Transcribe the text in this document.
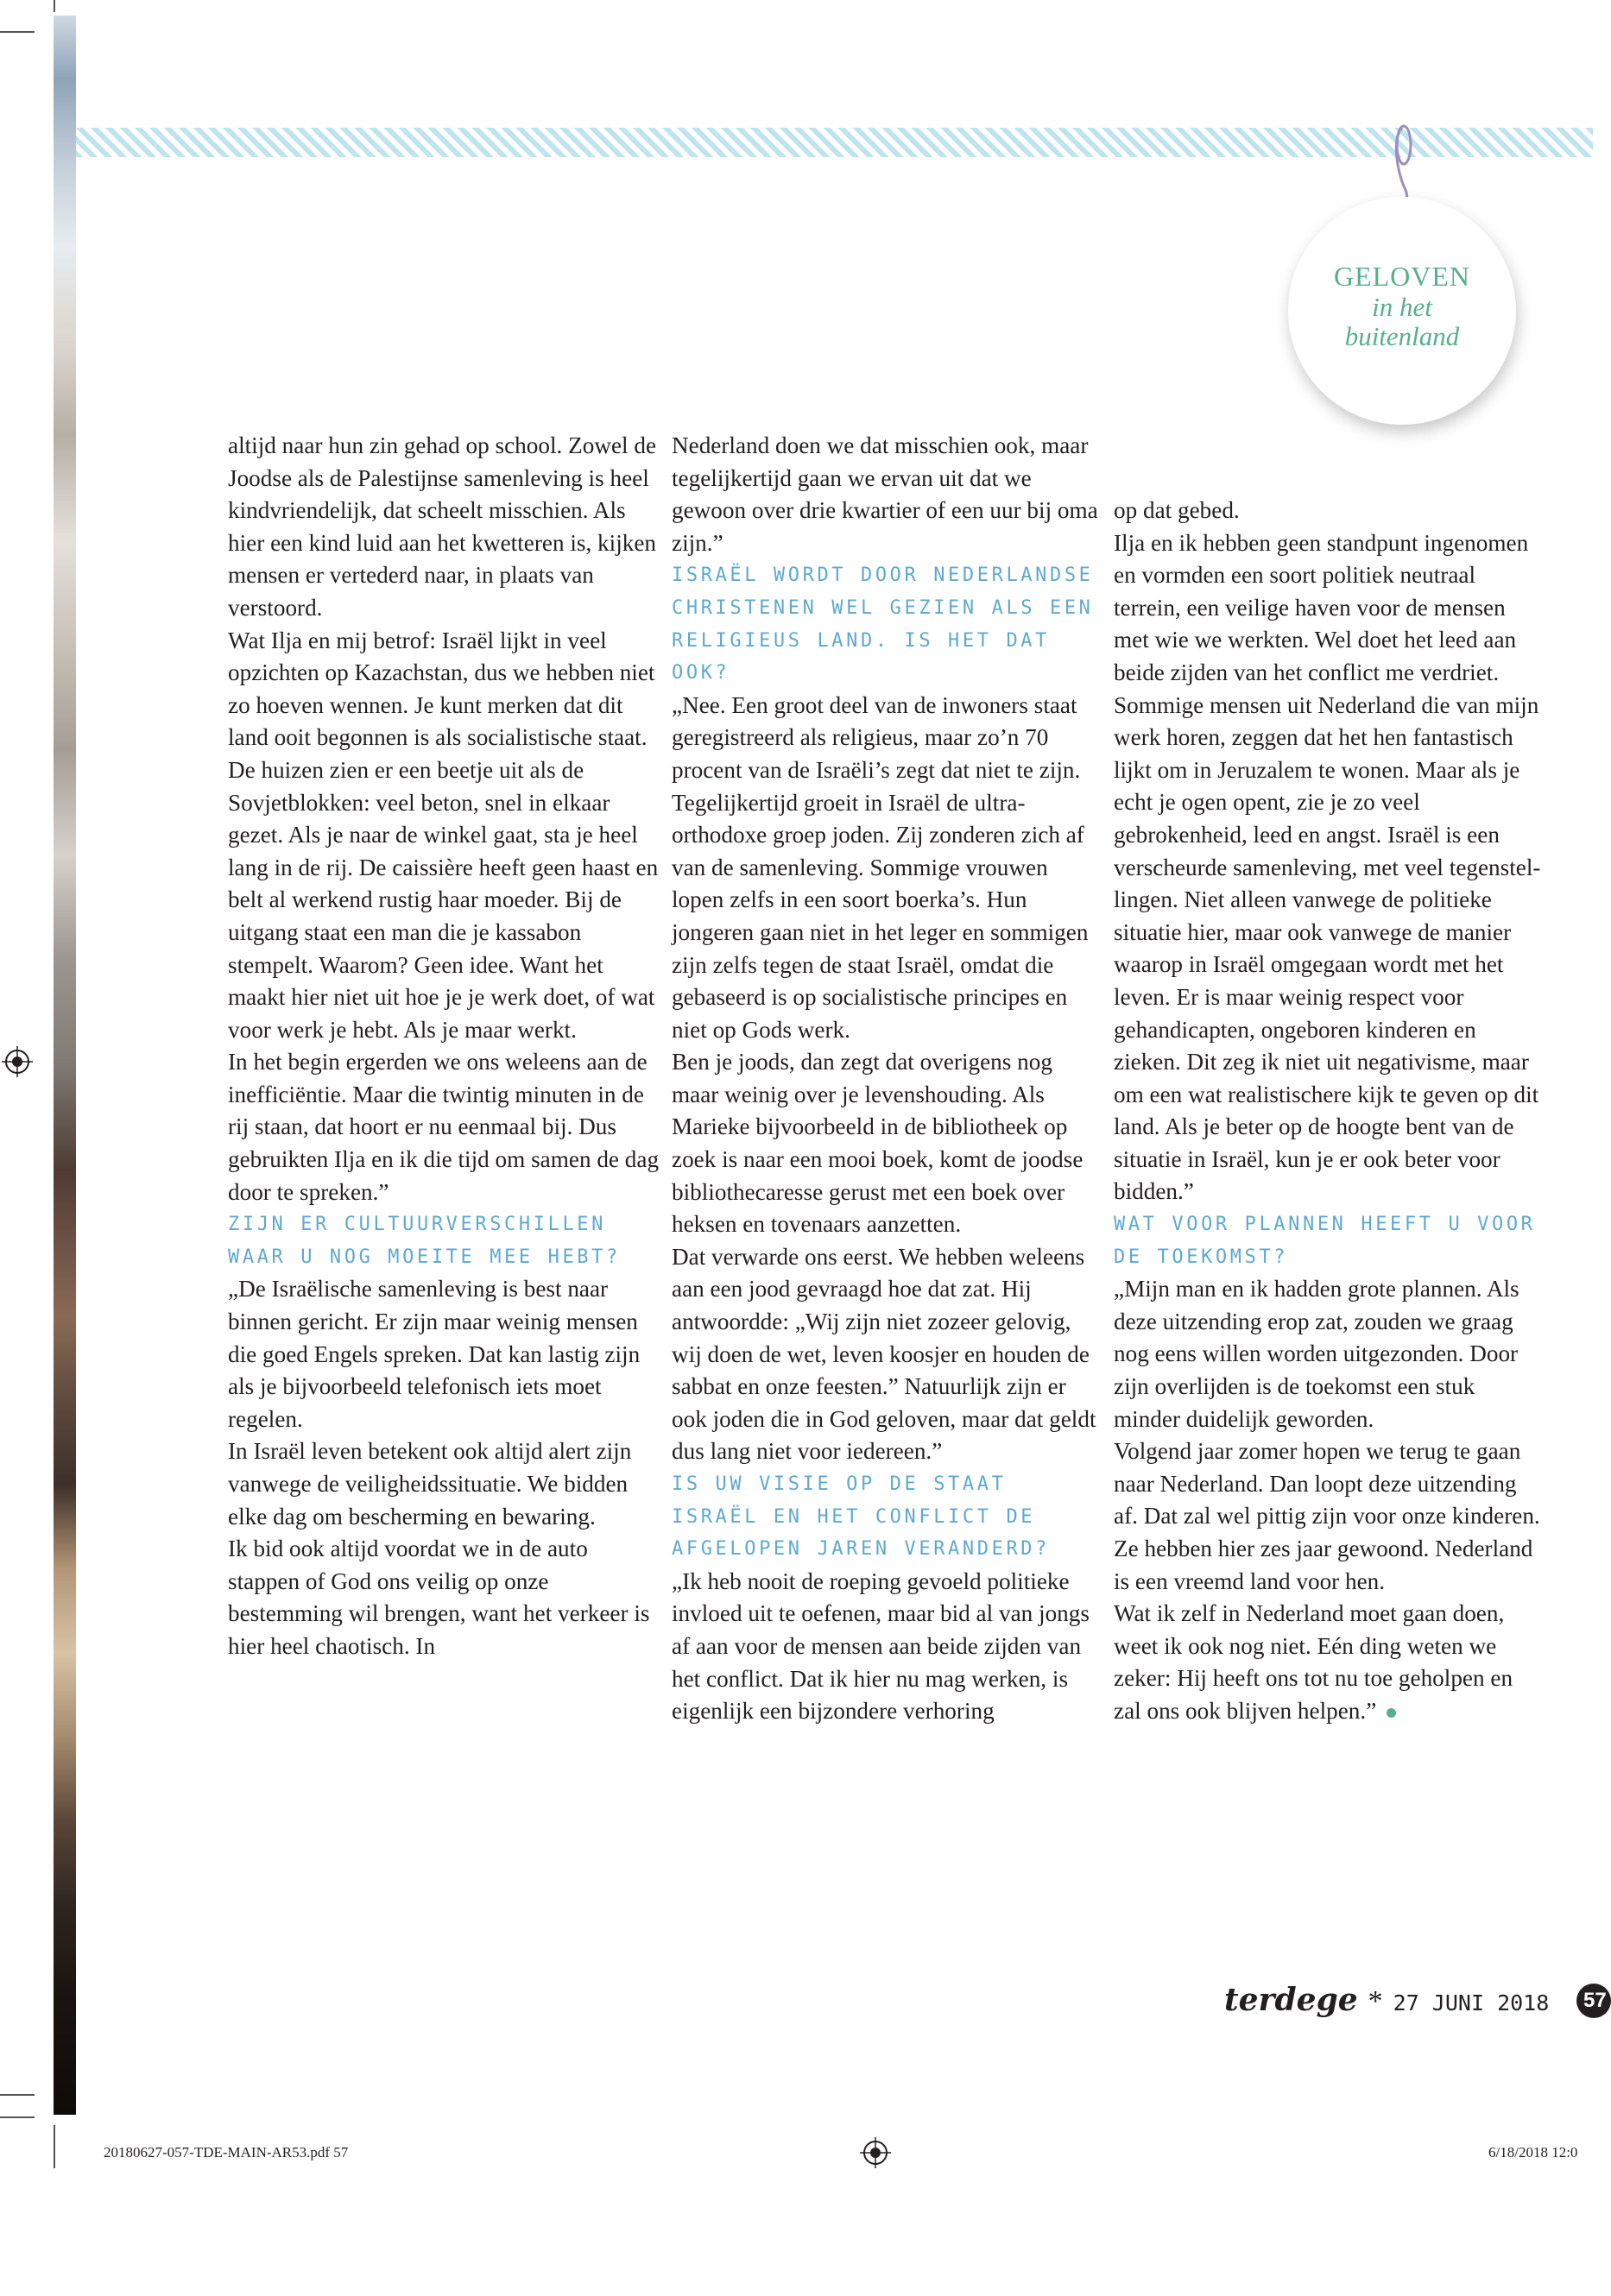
GELOVEN
in het
buitenland

altijd naar hun zin gehad op school. Zowel de Joodse als de Palestijnse samenleving is heel kindvriendelijk, dat scheelt misschien. Als hier een kind luid aan het kwetteren is, kijken mensen er vertederd naar, in plaats van verstoord.

Wat Ilja en mij betrof: Israël lijkt in veel opzichten op Kazachstan, dus we hebben niet zo hoeven wennen. Je kunt merken dat dit land ooit begonnen is als socialistische staat. De huizen zien er een beetje uit als de Sovjetblokken: veel beton, snel in elkaar gezet. Als je naar de winkel gaat, sta je heel lang in de rij. De caissière heeft geen haast en belt al werkend rustig haar moeder. Bij de uitgang staat een man die je kassabon stempelt. Waarom? Geen idee. Want het maakt hier niet uit hoe je je werk doet, of wat voor werk je hebt. Als je maar werkt.

In het begin ergerden we ons weleens aan de inefficiëntie. Maar die twintig minuten in de rij staan, dat hoort er nu eenmaal bij. Dus gebruikten Ilja en ik die tijd om samen de dag door te spreken.”

ZIJN ER CULTUURVERSCHILLEN WAAR U NOG MOEITE MEE HEBT?

„De Israëlische samenleving is best naar binnen gericht. Er zijn maar weinig mensen die goed Engels spreken. Dat kan lastig zijn als je bijvoorbeeld telefonisch iets moet regelen.

In Israël leven betekent ook altijd alert zijn vanwege de veiligheidssituatie. We bidden elke dag om bescherming en bewaring.

Ik bid ook altijd voordat we in de auto stappen of God ons veilig op onze bestemming wil brengen, want het verkeer is hier heel chaotisch. In

Nederland doen we dat misschien ook, maar tegelijkertijd gaan we ervan uit dat we gewoon over drie kwartier of een uur bij oma zijn.”

ISRAËL WORDT DOOR NEDERLANDSE CHRISTENEN WEL GEZIEN ALS EEN RELIGIEUS LAND. IS HET DAT OOK?

„Nee. Een groot deel van de inwoners staat geregistreerd als religieus, maar zo’n 70 procent van de Israëli’s zegt dat niet te zijn.

Tegelijkertijd groeit in Israël de ultraorthodoxe groep joden. Zij zonderen zich af van de samenleving. Sommige vrouwen lopen zelfs in een soort boerka’s. Hun jongeren gaan niet in het leger en sommigen zijn zelfs tegen de staat Israël, omdat die gebaseerd is op socialistische principes en niet op Gods werk.

Ben je joods, dan zegt dat overigens nog maar weinig over je levenshouding. Als Marieke bijvoorbeeld in de bibliotheek op zoek is naar een mooi boek, komt de joodse bibliothecaresse gerust met een boek over heksen en tovenaars aanzetten.

Dat verwarde ons eerst. We hebben weleens aan een jood gevraagd hoe dat zat. Hij antwoordde: „Wij zijn niet zozeer gelovig, wij doen de wet, leven koosjer en houden de sabbat en onze feesten.” Natuurlijk zijn er ook joden die in God geloven, maar dat geldt dus lang niet voor iedereen.”

IS UW VISIE OP DE STAAT ISRAËL EN HET CONFLICT DE AFGELOPEN JAREN VERANDERD?

„Ik heb nooit de roeping gevoeld politieke invloed uit te oefenen, maar bid al van jongs af aan voor de mensen aan beide zijden van het conflict. Dat ik hier nu mag werken, is eigenlijk een bijzondere verhoring

op dat gebed.

Ilja en ik hebben geen standpunt ingenomen en vormden een soort politiek neutraal terrein, een veilige haven voor de mensen met wie we werkten. Wel doet het leed aan beide zijden van het conflict me verdriet. Sommige mensen uit Nederland die van mijn werk horen, zeggen dat het hen fantastisch lijkt om in Jeruzalem te wonen. Maar als je echt je ogen opent, zie je zo veel gebrokenheid, leed en angst. Israël is een verscheurde samenleving, met veel tegenstellingen. Niet alleen vanwege de politieke situatie hier, maar ook vanwege de manier waarop in Israël omgegaan wordt met het leven. Er is maar weinig respect voor gehandicapten, ongeboren kinderen en zieken. Dit zeg ik niet uit negativisme, maar om een wat realistischere kijk te geven op dit land. Als je beter op de hoogte bent van de situatie in Israël, kun je er ook beter voor bidden.”

WAT VOOR PLANNEN HEEFT U VOOR DE TOEKOMST?

„Mijn man en ik hadden grote plannen. Als deze uitzending erop zat, zouden we graag nog eens willen worden uitgezonden. Door zijn overlijden is de toekomst een stuk minder duidelijk geworden.

Volgend jaar zomer hopen we terug te gaan naar Nederland. Dan loopt deze uitzending af. Dat zal wel pittig zijn voor onze kinderen. Ze hebben hier zes jaar gewoond. Nederland is een vreemd land voor hen.

Wat ik zelf in Nederland moet gaan doen, weet ik ook nog niet. Eén ding weten we zeker: Hij heeft ons tot nu toe geholpen en zal ons ook blijven helpen.”

terdege * 27 JUNI 2018	57
20180627-057-TDE-MAIN-AR53.pdf 57	6/18/2018 12:0
